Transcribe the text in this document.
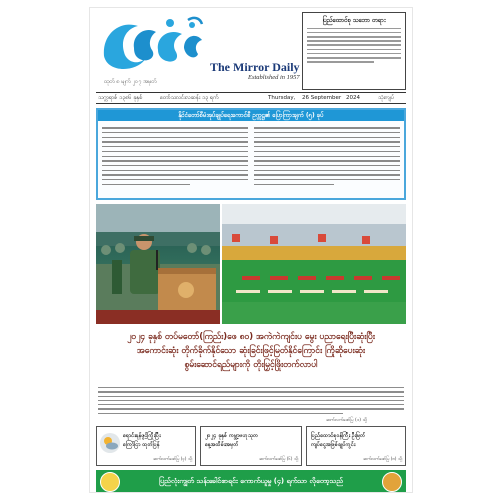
The Mirror Daily
Established in 1957
ထုတ် ၈ မျက် ၂၀၇ အမှတ်
ပြည်ထောင်စု သဘော တရား
သက္ကရာဇ် ၁၃၈၆ ခုနှစ်	တော်သလင်းလဆန်း ၁၃ ရက်	Thursday, 26 September 2024	သုံးကျပ်
နိုင်ငံတော်စီမံအုပ်ချုပ်ရေးကောင်စီ ဥက္ကဋ္ဌ၏ ပြောကြားချက် (၅) ခုပ်
၂၀၂၄ ခုနှစ် တပ်မတော်(ကြည်း)ဖေ ၈၀) အကဲကဲကျင်းပ မွေး ပညာရေးပြီးဆုံးပြီး
အကောင်းဆုံး တိုက်ခိုက်နိုင်သော ဆုံးခြင်းဖြင့်မြတ်နိုင်ကြောင်း ကြိုဆိုပေးဆုံး
စွမ်းဆောင်ရည်များကို တိုးမြှင့်ဖြိုးတက်လာပါ
ဆက်လက်ဖော်ပြ (၁) သို့
ရောင်းရန်ဖွင့်ကြိုးပြီး
ကြော်ငြာ ထုတ်ပြန်
ဆက်လက်ဖော်ပြ (၄) သို့
၂၀၂၄ ခုနှစ် ကမ္ဘာ့ဗဟုသုတ
နေ့အထိမ်းအမှတ်
ဆက်လက်ဖော်ပြ (၆) သို့
ပြည်ထောင်စုဝန်ကြီး ဦးမြတ်
ကျပ်ငွေအဖြစ်ချုပ်ကွင်း
ဆက်လက်ဖော်ပြ (၈) သို့
ပြည်လုံးကျွတ် သန်းခေါင်စာရင်း ကောက်ယူမှု (၄) ရက်သာ လိုတော့သည်
